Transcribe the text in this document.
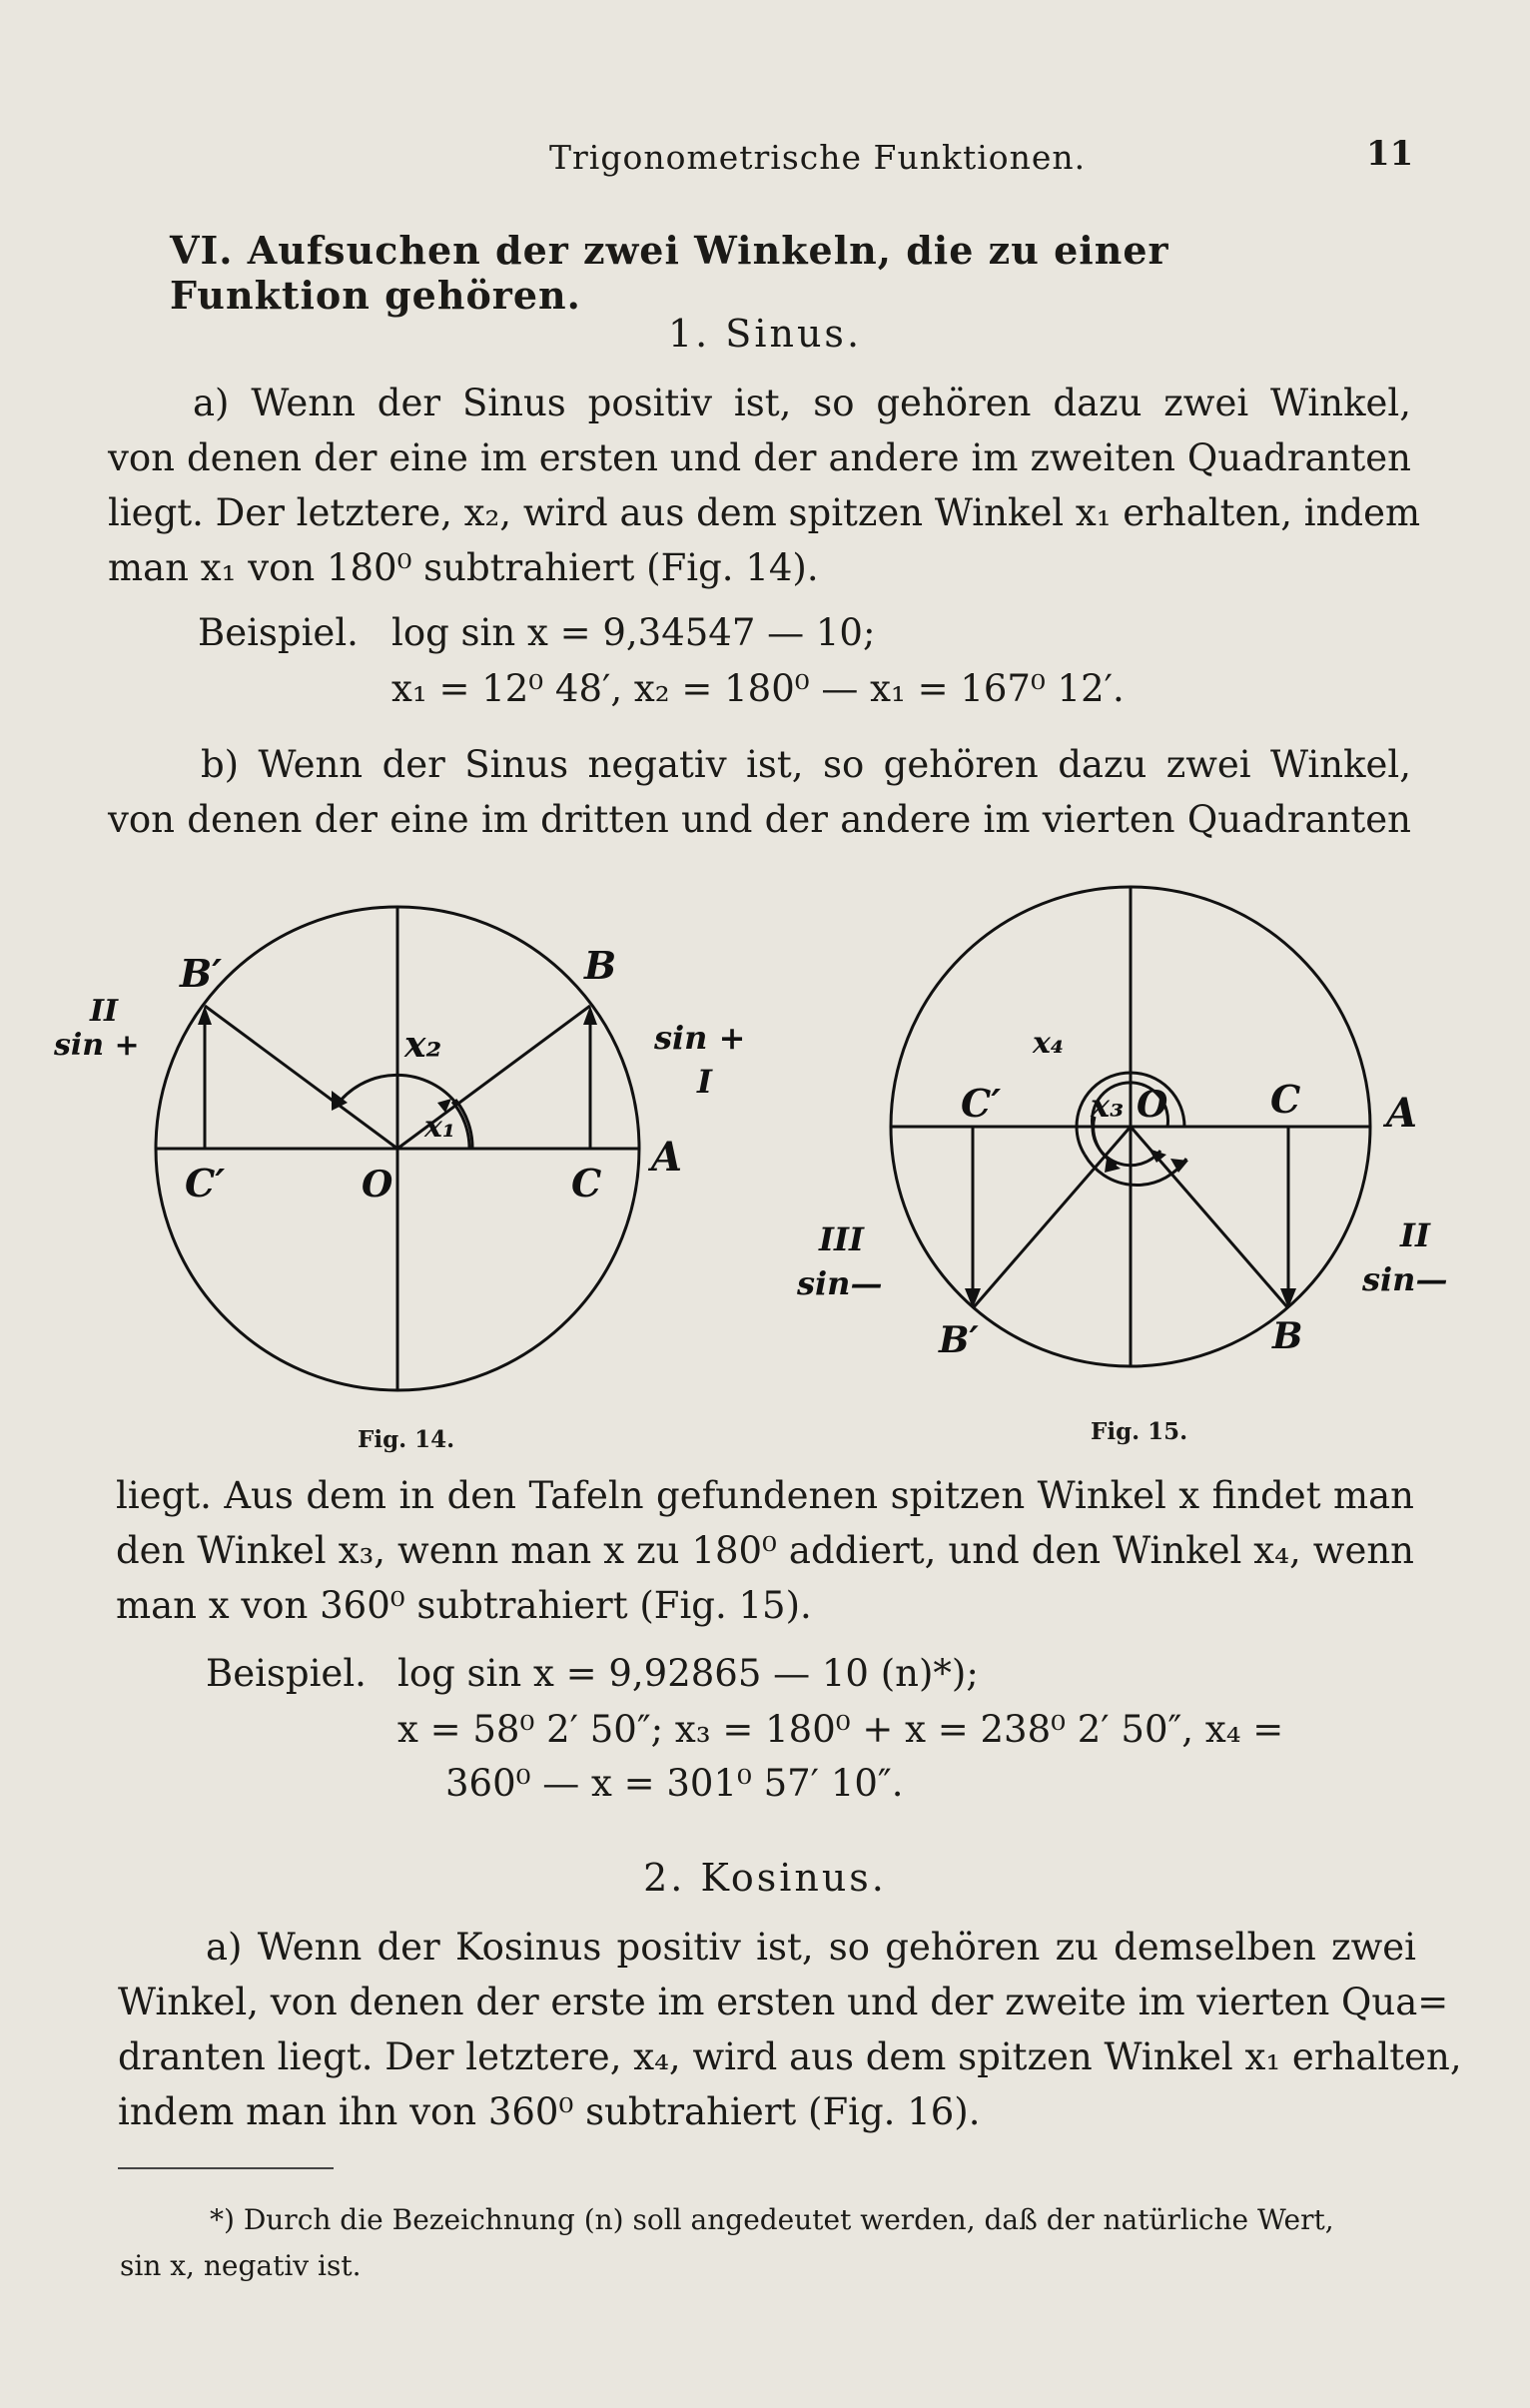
Trigonometrische Funktionen.	11
VI. Aufsuchen der zwei Winkeln, die zu einer Funktion gehören.
1. Sinus.
a) Wenn der Sinus positiv ist, so gehören dazu zwei Winkel,
von denen der eine im ersten und der andere im zweiten Quadranten
liegt. Der letztere, x₂, wird aus dem spitzen Winkel x₁ erhalten, indem
man x₁ von 180⁰ subtrahiert (Fig. 14).
Beispiel. log sin x = 9,34547 — 10;
x₁ = 12⁰ 48′, x₂ = 180⁰ — x₁ = 167⁰ 12′.
b) Wenn der Sinus negativ ist, so gehören dazu zwei Winkel,
von denen der eine im dritten und der andere im vierten Quadranten
B′	B
C′	O	C
A
x₂
x₁
II
sin +	sin +
I
Fig. 14.
C′	x₃ O	C A
x₄
III
sin—
II
sin—
B′	B
Fig. 15.
liegt. Aus dem in den Tafeln gefundenen spitzen Winkel x findet man
den Winkel x₃, wenn man x zu 180⁰ addiert, und den Winkel x₄, wenn
man x von 360⁰ subtrahiert (Fig. 15).
Beispiel. log sin x = 9,92865 — 10 (n)*);
x = 58⁰ 2′ 50″; x₃ = 180⁰ + x = 238⁰ 2′ 50″, x₄ =
360⁰ — x = 301⁰ 57′ 10″.
2. Kosinus.
a) Wenn der Kosinus positiv ist, so gehören zu demselben zwei
Winkel, von denen der erste im ersten und der zweite im vierten Qua=
dranten liegt. Der letztere, x₄, wird aus dem spitzen Winkel x₁ erhalten,
indem man ihn von 360⁰ subtrahiert (Fig. 16).
*) Durch die Bezeichnung (n) soll angedeutet werden, daß der natürliche Wert,
sin x, negativ ist.
